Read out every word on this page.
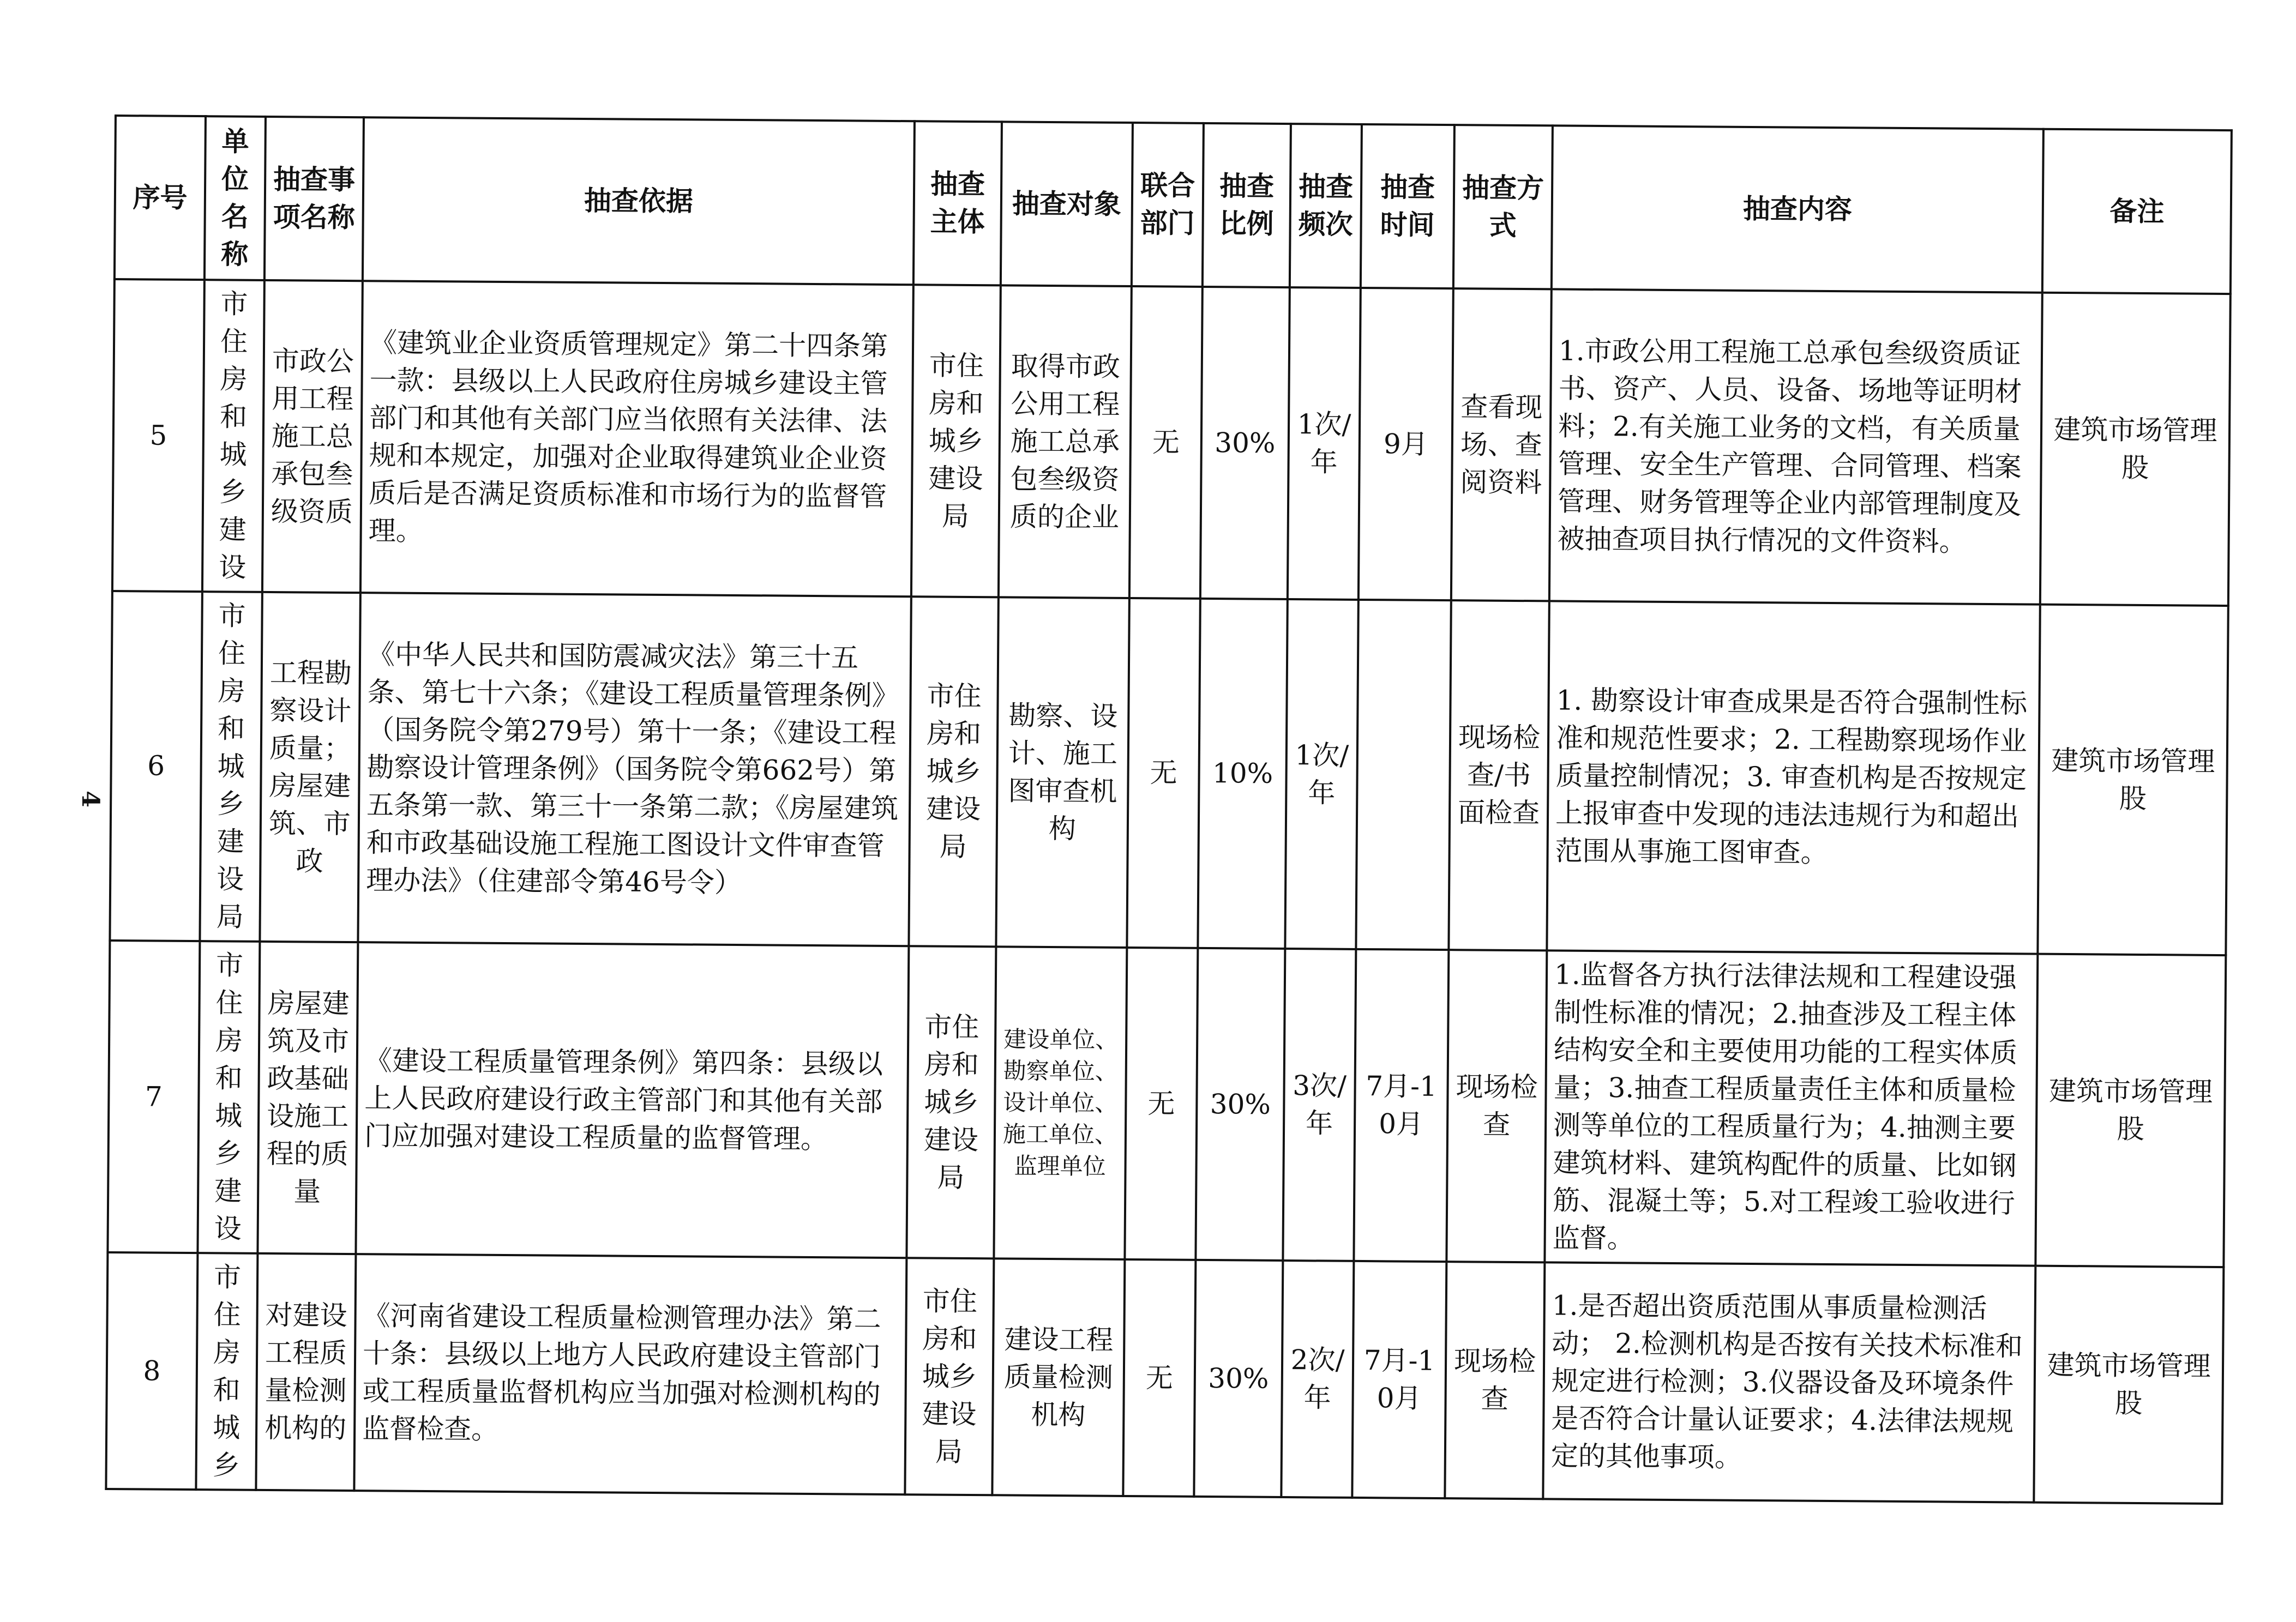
4
序号	单位名称	抽查事项名称	抽查依据	抽查主体	抽查对象	联合部门	抽查比例	抽查频次	抽查时间	抽查方式	抽查内容	备注
5	市住房和城乡建设	市政公用工程施工总承包叁级资质	《建筑业企业资质管理规定》第二十四条第一款：县级以上人民政府住房城乡建设主管部门和其他有关部门应当依照有关法律、法规和本规定，加强对企业取得建筑业企业资质后是否满足资质标准和市场行为的监督管理。	市住房和城乡建设局	取得市政公用工程施工总承包叁级资质的企业	无	30%	1次/年	9月	查看现场、查阅资料	1.市政公用工程施工总承包叁级资质证书、资产、人员、设备、场地等证明材料；2.有关施工业务的文档，有关质量管理、安全生产管理、合同管理、档案管理、财务管理等企业内部管理制度及被抽查项目执行情况的文件资料。	建筑市场管理股
6	市住房和城乡建设局	工程勘察设计质量；房屋建筑、市政	《中华人民共和国防震减灾法》第三十五条、第七十六条；《建设工程质量管理条例》（国务院令第279号）第十一条；《建设工程勘察设计管理条例》（国务院令第662号）第五条第一款、第三十一条第二款；《房屋建筑和市政基础设施工程施工图设计文件审查管理办法》（住建部令第46号令）	市住房和城乡建设局	勘察、设计、施工图审查机构	无	10%	1次/年		现场检查/书面检查	1. 勘察设计审查成果是否符合强制性标准和规范性要求；2. 工程勘察现场作业质量控制情况；3. 审查机构是否按规定上报审查中发现的违法违规行为和超出范围从事施工图审查。	建筑市场管理股
7	市住房和城乡建设	房屋建筑及市政基础设施工程的质量	《建设工程质量管理条例》第四条：县级以上人民政府建设行政主管部门和其他有关部门应加强对建设工程质量的监督管理。	市住房和城乡建设局	建设单位、勘察单位、设计单位、施工单位、监理单位	无	30%	3次/年	7月-10月	现场检查	1.监督各方执行法律法规和工程建设强制性标准的情况；2.抽查涉及工程主体结构安全和主要使用功能的工程实体质量；3.抽查工程质量责任主体和质量检测等单位的工程质量行为；4.抽测主要建筑材料、建筑构配件的质量、比如钢筋、混凝土等；5.对工程竣工验收进行监督。	建筑市场管理股
8	市住房和城乡	对建设工程质量检测机构的	《河南省建设工程质量检测管理办法》第二十条：县级以上地方人民政府建设主管部门或工程质量监督机构应当加强对检测机构的监督检查。	市住房和城乡建设局	建设工程质量检测机构	无	30%	2次/年	7月-10月	现场检查	1.是否超出资质范围从事质量检测活动； 2.检测机构是否按有关技术标准和规定进行检测；3.仪器设备及环境条件是否符合计量认证要求；4.法律法规规定的其他事项。	建筑市场管理股
